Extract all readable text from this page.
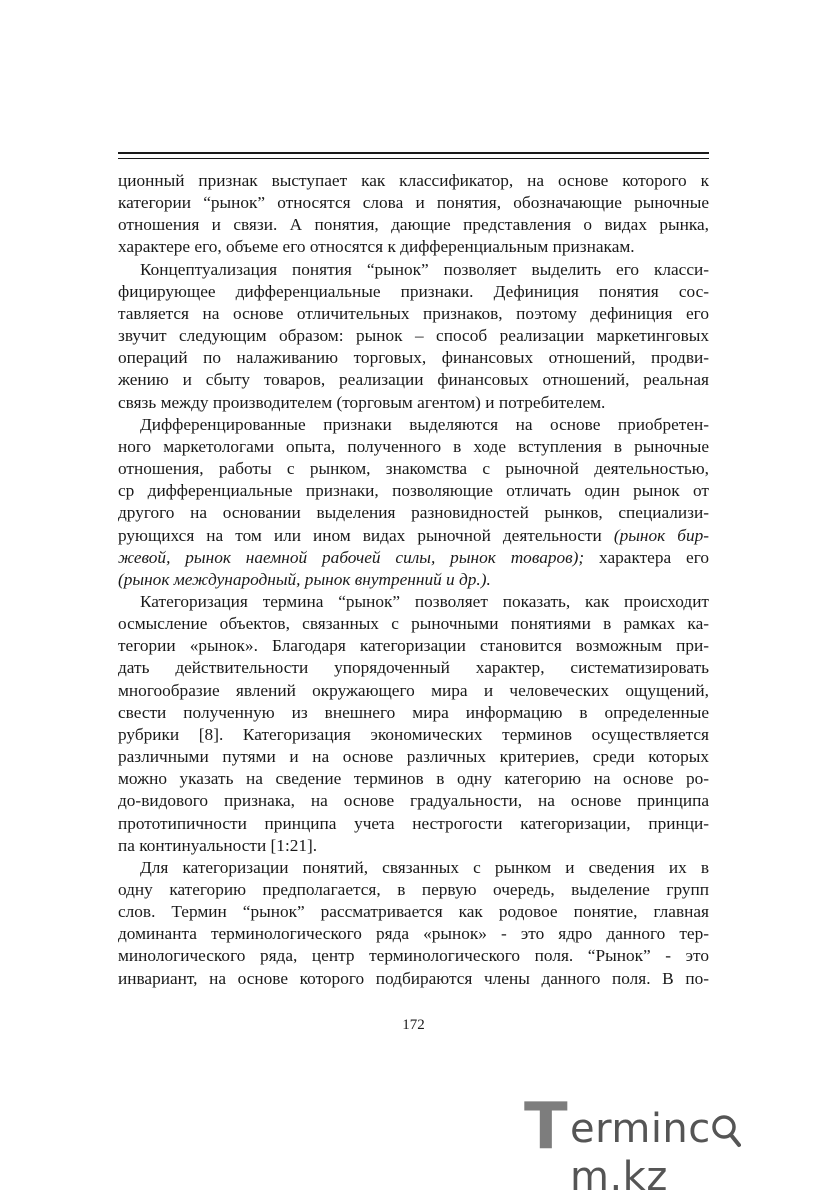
ционный признак выступает как классификатор, на основе которого к
категории “рынок” относятся слова и понятия, обозначающие рыночные
отношения и связи. А понятия, дающие представления о видах рынка,
характере его, объеме его относятся к дифференциальным признакам.

Концептуализация понятия “рынок” позволяет выделить его класси-
фицирующее дифференциальные признаки. Дефиниция понятия сос-
тавляется на основе отличительных признаков, поэтому дефиниция его
звучит следующим образом: рынок – способ реализации маркетинговых
операций по налаживанию торговых, финансовых отношений, продви-
жению и сбыту товаров, реализации финансовых отношений, реальная
связь между производителем (торговым агентом) и потребителем.

Дифференцированные признаки выделяются на основе приобретен-
ного маркетологами опыта, полученного в ходе вступления в рыночные
отношения, работы с рынком, знакомства с рыночной деятельностью,
ср дифференциальные признаки, позволяющие отличать один рынок от
другого на основании выделения разновидностей рынков, специализи-
рующихся на том или ином видах рыночной деятельности (рынок бир-
жевой, рынок наемной рабочей силы, рынок товаров); характера его
(рынок международный, рынок внутренний и др.).

Категоризация термина “рынок” позволяет показать, как происходит
осмысление объектов, связанных с рыночными понятиями в рамках ка-
тегории «рынок». Благодаря категоризации становится возможным при-
дать действительности упорядоченный характер, систематизировать
многообразие явлений окружающего мира и человеческих ощущений,
свести полученную из внешнего мира информацию в определенные
рубрики [8]. Категоризация экономических терминов осуществляется
различными путями и на основе различных критериев, среди которых
можно указать на сведение терминов в одну категорию на основе ро-
до-видового признака, на основе градуальности, на основе принципа
прототипичности принципа учета нестрогости категоризации, принци-
па континуальности [1:21].

Для категоризации понятий, связанных с рынком и сведения их в
одну категорию предполагается, в первую очередь, выделение групп
слов. Термин “рынок” рассматривается как родовое понятие, главная
доминанта терминологического ряда «рынок» - это ядро данного тер-
минологического ряда, центр терминологического поля. “Рынок” - это
инвариант, на основе которого подбираются члены данного поля. В по-

172
T ermincm.kz
